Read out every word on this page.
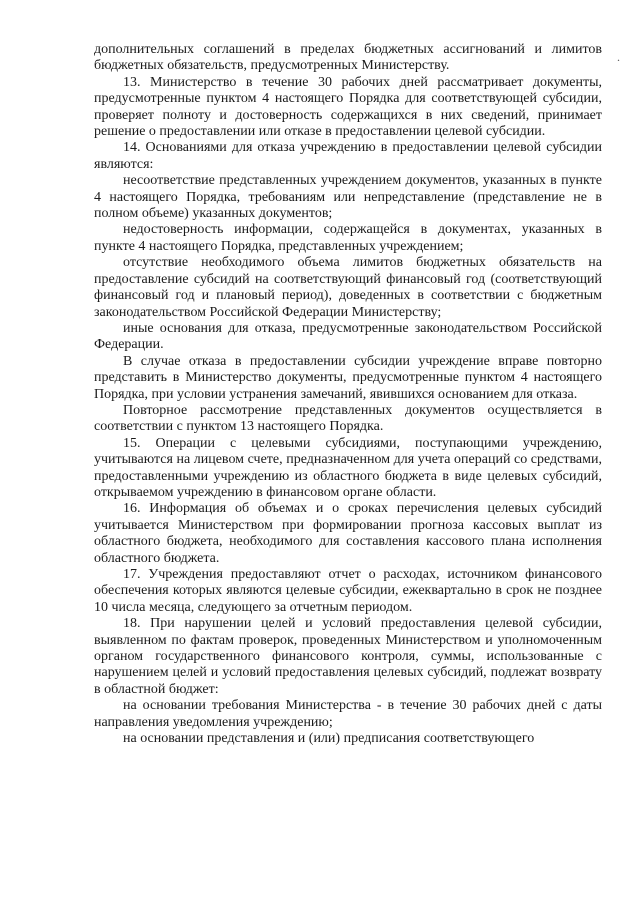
дополнительных соглашений в пределах бюджетных ассигнований и лимитов бюджетных обязательств, предусмотренных Министерству.

13. Министерство в течение 30 рабочих дней рассматривает документы, предусмотренные пунктом 4 настоящего Порядка для соответствующей субсидии, проверяет полноту и достоверность содержащихся в них сведений, принимает решение о предоставлении или отказе в предоставлении целевой субсидии.

14. Основаниями для отказа учреждению в предоставлении целевой субсидии являются:

несоответствие представленных учреждением документов, указанных в пункте 4 настоящего Порядка, требованиям или непредставление (представление не в полном объеме) указанных документов;

недостоверность информации, содержащейся в документах, указанных в пункте 4 настоящего Порядка, представленных учреждением;

отсутствие необходимого объема лимитов бюджетных обязательств на предоставление субсидий на соответствующий финансовый год (соответствующий финансовый год и плановый период), доведенных в соответствии с бюджетным законодательством Российской Федерации Министерству;

иные основания для отказа, предусмотренные законодательством Российской Федерации.

В случае отказа в предоставлении субсидии учреждение вправе повторно представить в Министерство документы, предусмотренные пунктом 4 настоящего Порядка, при условии устранения замечаний, явившихся основанием для отказа.

Повторное рассмотрение представленных документов осуществляется в соответствии с пунктом 13 настоящего Порядка.

15. Операции с целевыми субсидиями, поступающими учреждению, учитываются на лицевом счете, предназначенном для учета операций со средствами, предоставленными учреждению из областного бюджета в виде целевых субсидий, открываемом учреждению в финансовом органе области.

16. Информация об объемах и о сроках перечисления целевых субсидий учитывается Министерством при формировании прогноза кассовых выплат из областного бюджета, необходимого для составления кассового плана исполнения областного бюджета.

17. Учреждения предоставляют отчет о расходах, источником финансового обеспечения которых являются целевые субсидии, ежеквартально в срок не позднее 10 числа месяца, следующего за отчетным периодом.

18. При нарушении целей и условий предоставления целевой субсидии, выявленном по фактам проверок, проведенных Министерством и уполномоченным органом государственного финансового контроля, суммы, использованные с нарушением целей и условий предоставления целевых субсидий, подлежат возврату в областной бюджет:

на основании требования Министерства - в течение 30 рабочих дней с даты направления уведомления учреждению;

на основании представления и (или) предписания соответствующего

.
